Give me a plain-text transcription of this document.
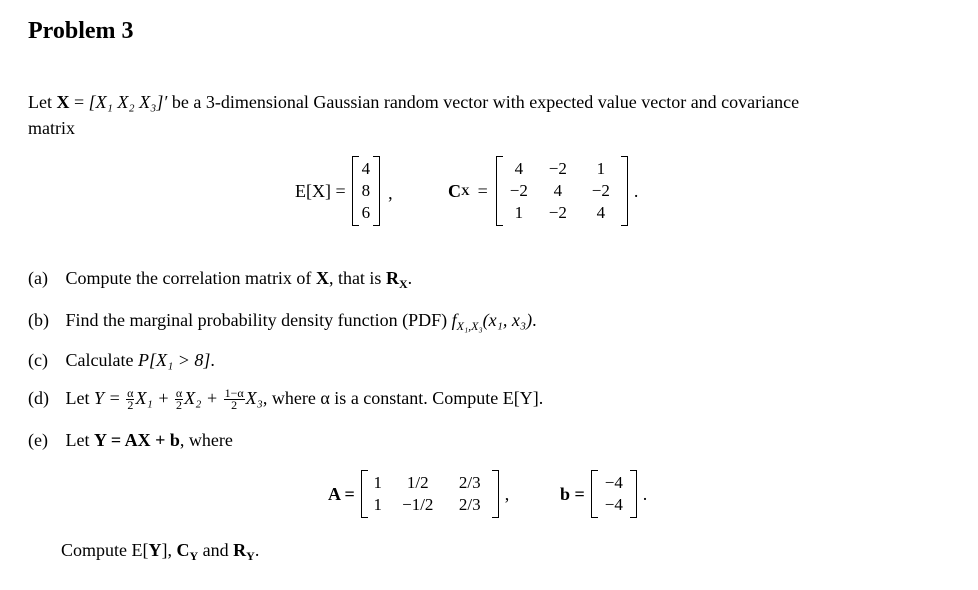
Problem 3
Let X = [X₁ X₂ X₃]′ be a 3-dimensional Gaussian random vector with expected value vector and covariance
matrix
E[X] =
4
8
6
,	C X =
4
−2
1
−2
4
−2
1
−2
4
.
(a) Compute the correlation matrix of X, that is $R_X$.
(b) Find the marginal probability density function (PDF) $f_{X_1,X_3}(x_1$, x₃).
(c) Calculate P[X₁ > 8].
(d) Let $Y = \frac{\alpha}{2} X_1 + \frac{\alpha}{2} X_2 + \frac{1-\alpha}{2} X_3$, where α is a constant. Compute E[Y].
(e) Let Y = AX + b, where
A =
1
1
1/2
−1/2
2/3
2/3
,	b =
−4
−4
.
Compute E[Y], $C_Y$ and $R_Y$.
